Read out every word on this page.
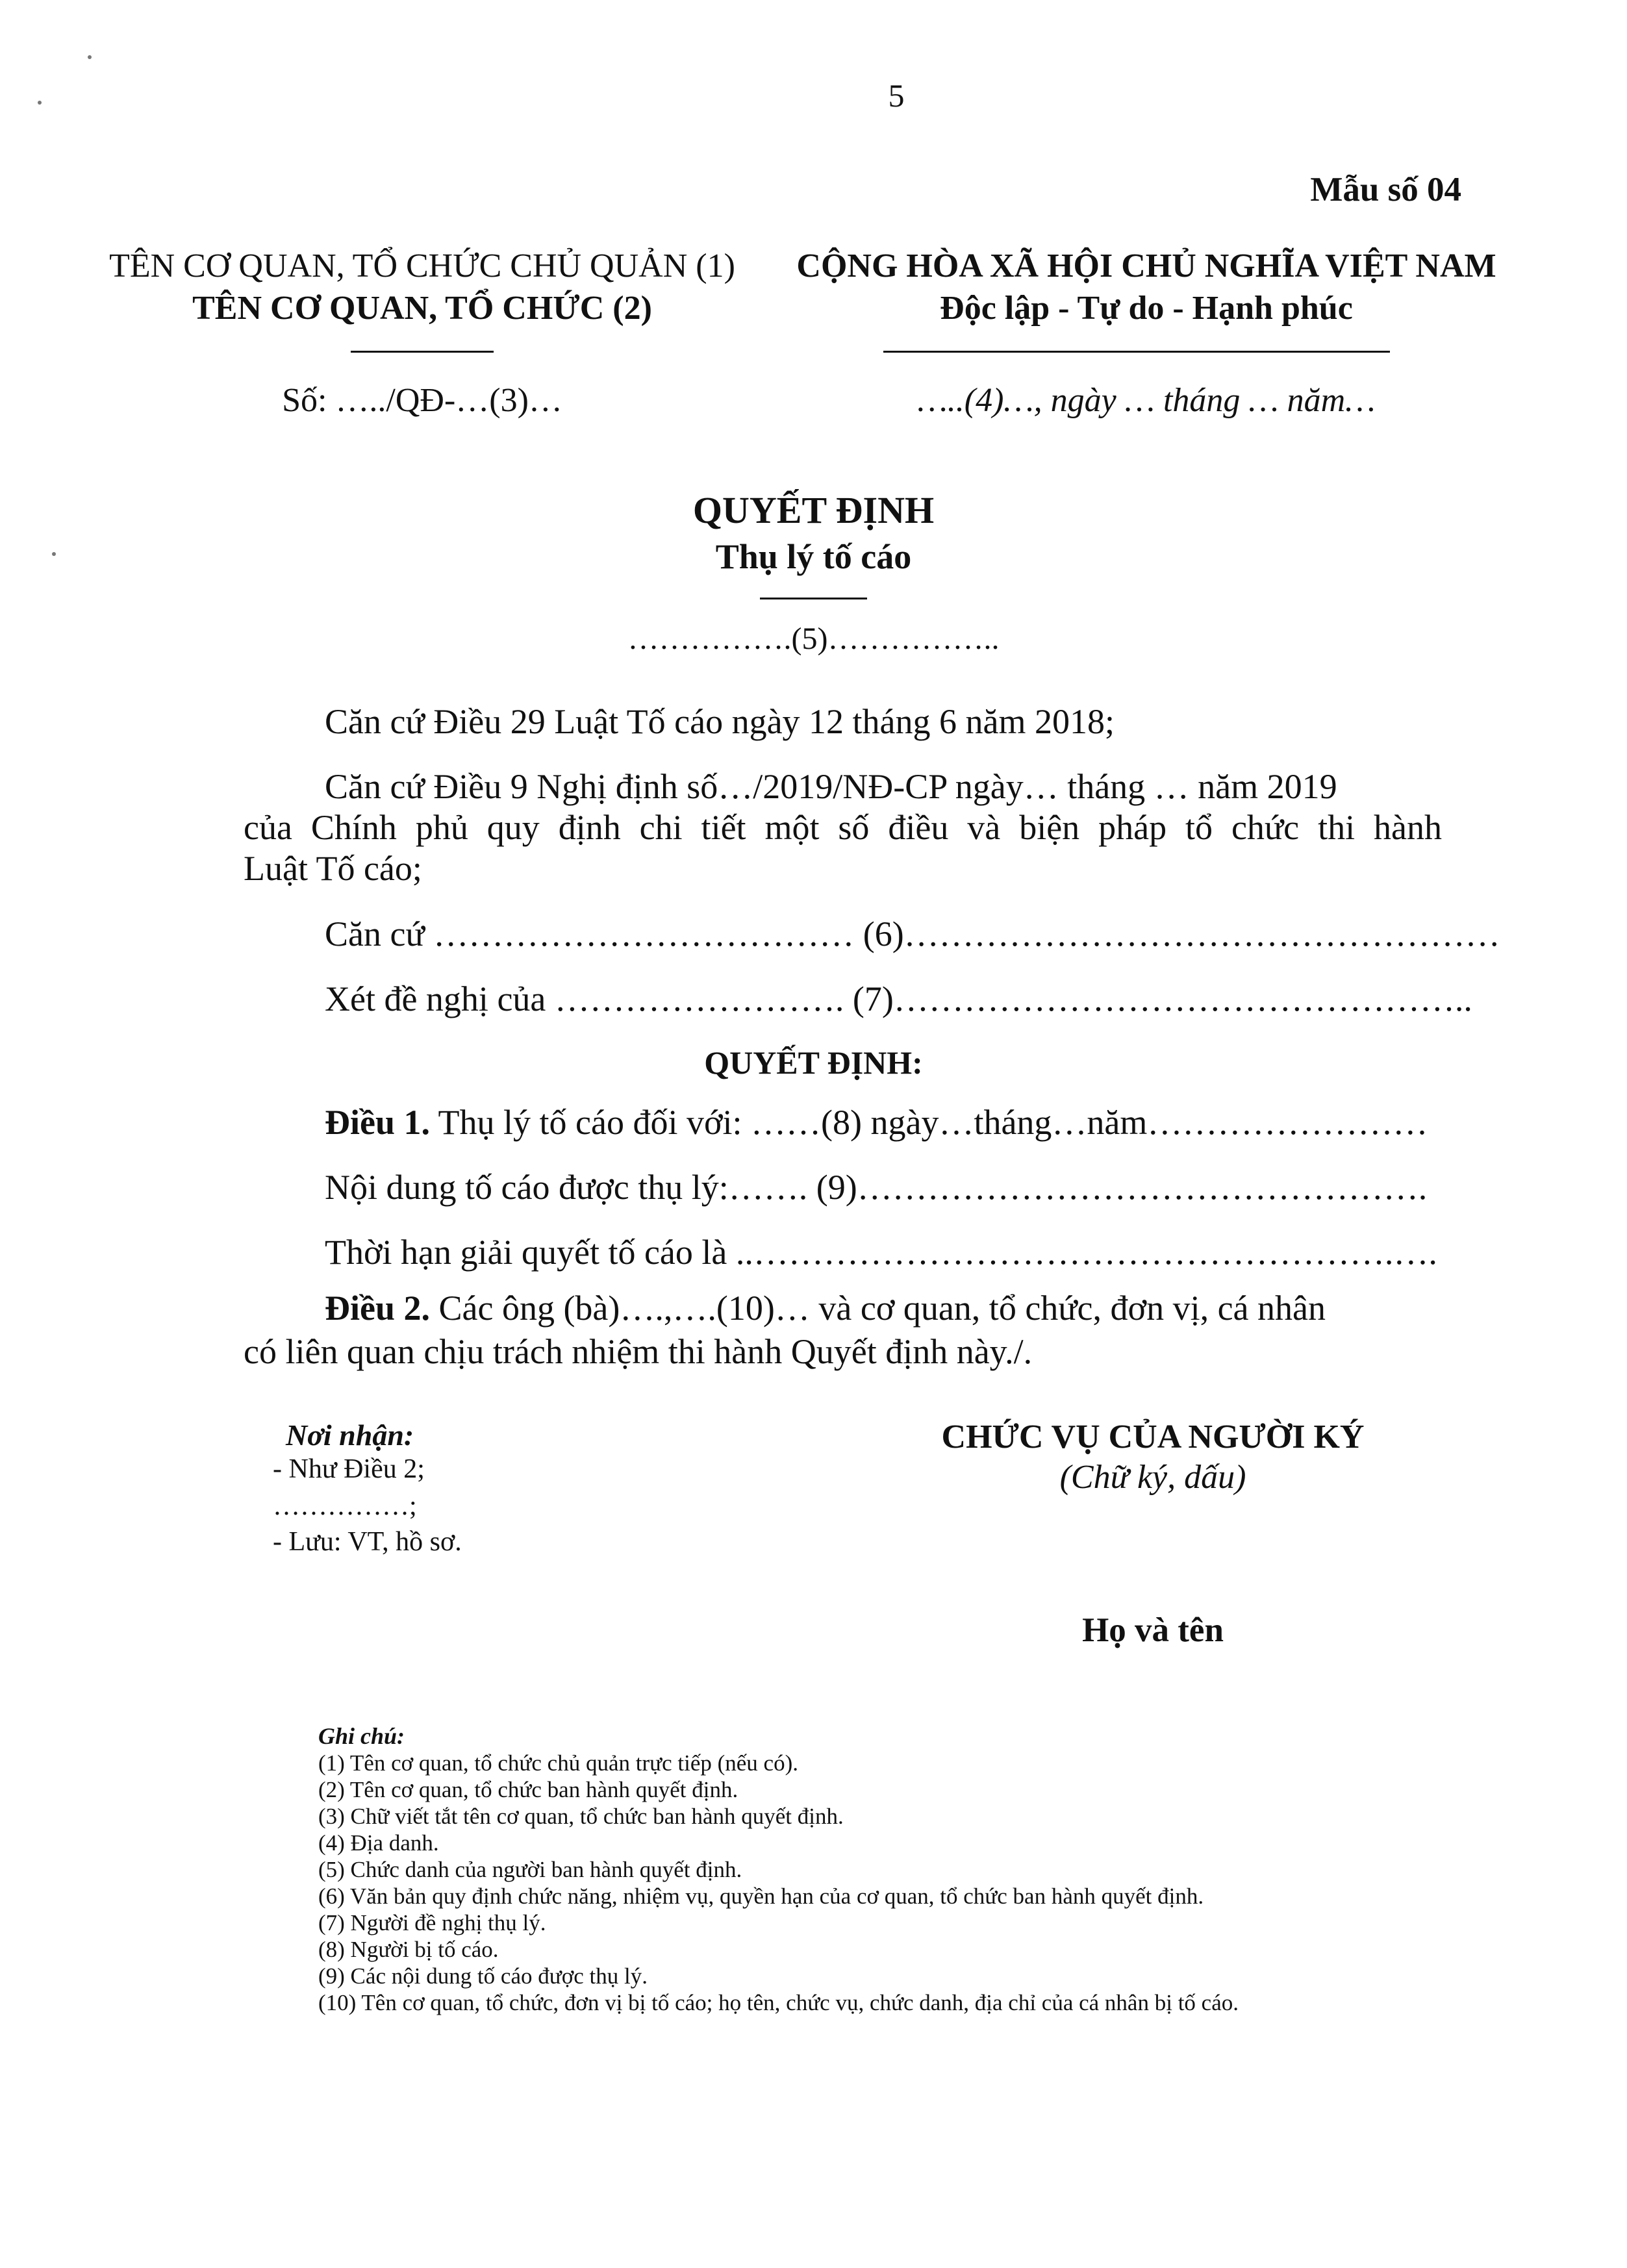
5
Mẫu số 04
TÊN CƠ QUAN, TỔ CHỨC CHỦ QUẢN (1)
TÊN CƠ QUAN, TỔ CHỨC (2)
Số: …../QĐ-…(3)…
CỘNG HÒA XÃ HỘI CHỦ NGHĨA VIỆT NAM
Độc lập - Tự do - Hạnh phúc
…..(4)…, ngày … tháng … năm…
QUYẾT ĐỊNH
Thụ lý tố cáo
…………….(5)……………..
Căn cứ Điều 29 Luật Tố cáo ngày 12 tháng 6 năm 2018;
Căn cứ Điều 9 Nghị định số…/2019/NĐ-CP ngày… tháng … năm 2019
của Chính phủ quy định chi tiết một số điều và biện pháp tổ chức thi hành
Luật Tố cáo;
Căn cứ ……………………………… (6)……………………………………………
Xét đề nghị của ……………………. (7)…………………………………………..
QUYẾT ĐỊNH:
Điều 1. Thụ lý tố cáo đối với: ……(8) ngày…tháng…năm……………………
Nội dung tố cáo được thụ lý:……. (9)………………………………………….
Thời hạn giải quyết tố cáo là ..……………………………………………….….
Điều 2. Các ông (bà)….,….(10)… và cơ quan, tổ chức, đơn vị, cá nhân
có liên quan chịu trách nhiệm thi hành Quyết định này./.
Nơi nhận:
- Như Điều 2;
……………;
- Lưu: VT, hồ sơ.
CHỨC VỤ CỦA NGƯỜI KÝ
(Chữ ký, dấu)
Họ và tên
Ghi chú:
(1) Tên cơ quan, tổ chức chủ quản trực tiếp (nếu có).
(2) Tên cơ quan, tổ chức ban hành quyết định.
(3) Chữ viết tắt tên cơ quan, tổ chức ban hành quyết định.
(4) Địa danh.
(5) Chức danh của người ban hành quyết định.
(6) Văn bản quy định chức năng, nhiệm vụ, quyền hạn của cơ quan, tổ chức ban hành quyết định.
(7) Người đề nghị thụ lý.
(8) Người bị tố cáo.
(9) Các nội dung tố cáo được thụ lý.
(10) Tên cơ quan, tổ chức, đơn vị bị tố cáo; họ tên, chức vụ, chức danh, địa chỉ của cá nhân bị tố cáo.
